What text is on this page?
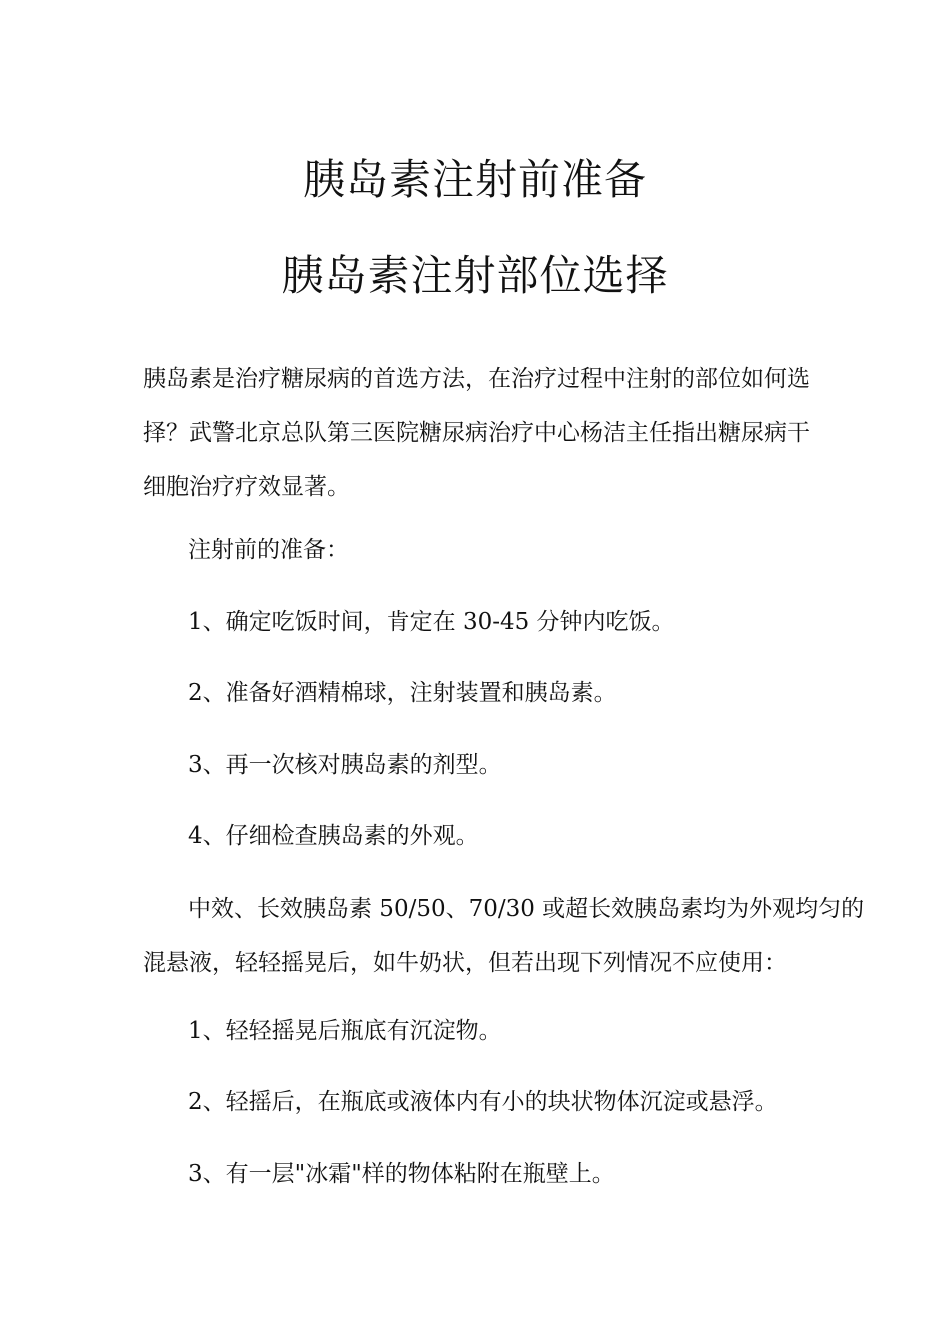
胰岛素注射前准备
胰岛素注射部位选择

胰岛素是治疗糖尿病的首选方法，在治疗过程中注射的部位如何选
择？武警北京总队第三医院糖尿病治疗中心杨洁主任指出糖尿病干
细胞治疗疗效显著。

注射前的准备：

1、确定吃饭时间，肯定在 30-45 分钟内吃饭。

2、准备好酒精棉球，注射装置和胰岛素。

3、再一次核对胰岛素的剂型。

4、仔细检查胰岛素的外观。

中效、长效胰岛素 50/50、70/30 或超长效胰岛素均为外观均匀的
混悬液，轻轻摇晃后，如牛奶状，但若出现下列情况不应使用：

1、轻轻摇晃后瓶底有沉淀物。

2、轻摇后，在瓶底或液体内有小的块状物体沉淀或悬浮。

3、有一层"冰霜"样的物体粘附在瓶壁上。
